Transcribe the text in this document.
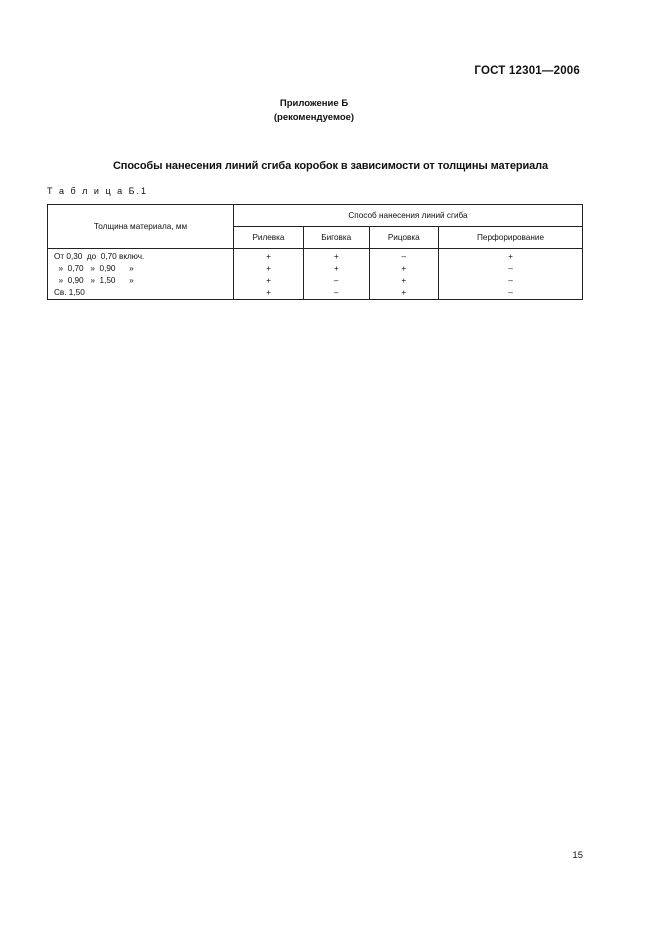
ГОСТ 12301—2006
Приложение Б
(рекомендуемое)
Способы нанесения линий сгиба коробок в зависимости от толщины материала
Т а б л и ц а Б.1
Толщина материала, мм	Способ нанесения линий сгиба			
	Рилевка	Биговка	Рицовка	Перфорирование
От 0,30  до  0,70 включ.	+	+	–	+
»  0,70   »  0,90      »	+	+	+	–
»  0,90   »  1,50      »	+	–	+	–
Св. 1,50	+	–	+	–
15
